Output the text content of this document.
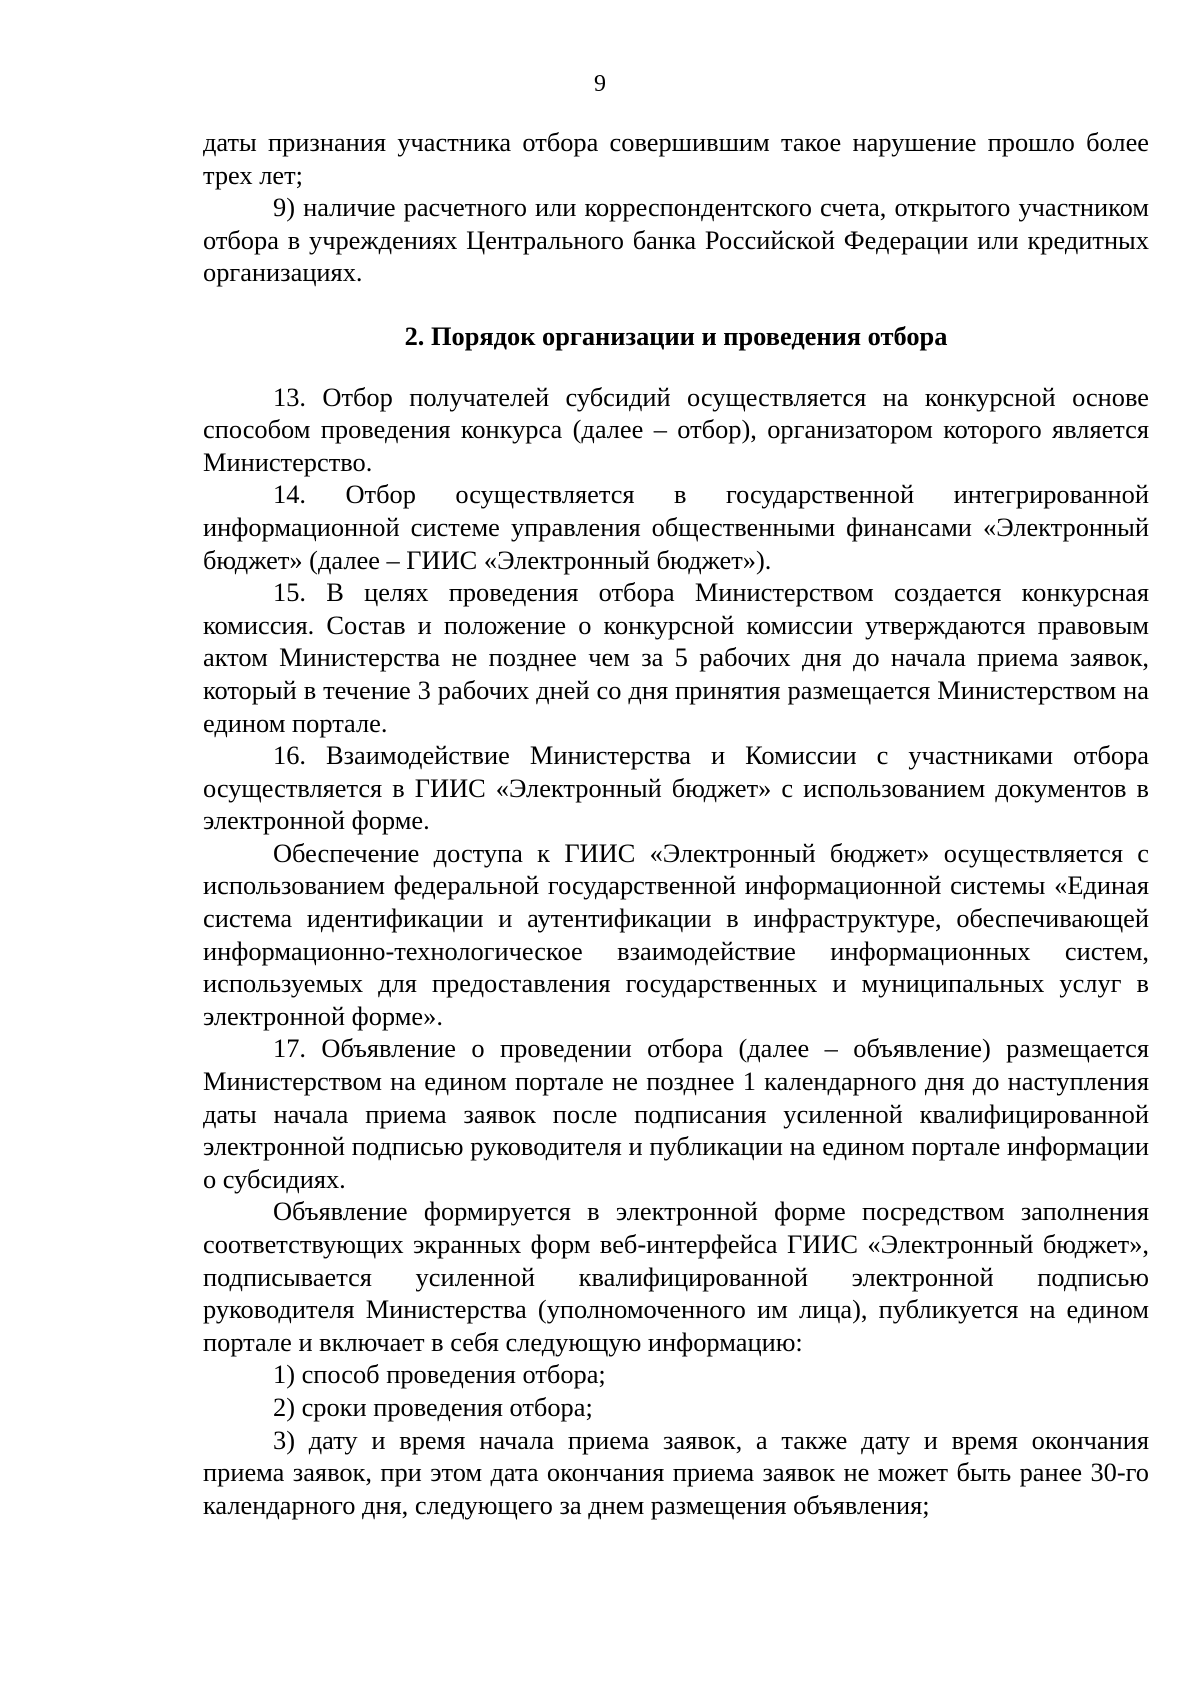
9

даты признания участника отбора совершившим такое нарушение прошло более трех лет;

9) наличие расчетного или корреспондентского счета, открытого участником отбора в учреждениях Центрального банка Российской Федерации или кредитных организациях.

2. Порядок организации и проведения отбора

13. Отбор получателей субсидий осуществляется на конкурсной основе способом проведения конкурса (далее – отбор), организатором которого является Министерство.

14. Отбор осуществляется в государственной интегрированной информационной системе управления общественными финансами «Электронный бюджет» (далее – ГИИС «Электронный бюджет»).

15. В целях проведения отбора Министерством создается конкурсная комиссия. Состав и положение о конкурсной комиссии утверждаются правовым актом Министерства не позднее чем за 5 рабочих дня до начала приема заявок, который в течение 3 рабочих дней со дня принятия размещается Министерством на едином портале.

16. Взаимодействие Министерства и Комиссии с участниками отбора осуществляется в ГИИС «Электронный бюджет» с использованием документов в электронной форме.

Обеспечение доступа к ГИИС «Электронный бюджет» осуществляется с использованием федеральной государственной информационной системы «Единая система идентификации и аутентификации в инфраструктуре, обеспечивающей информационно-технологическое взаимодействие информационных систем, используемых для предоставления государственных и муниципальных услуг в электронной форме».

17. Объявление о проведении отбора (далее – объявление) размещается Министерством на едином портале не позднее 1 календарного дня до наступления даты начала приема заявок после подписания усиленной квалифицированной электронной подписью руководителя и публикации на едином портале информации о субсидиях.

Объявление формируется в электронной форме посредством заполнения соответствующих экранных форм веб-интерфейса ГИИС «Электронный бюджет», подписывается усиленной квалифицированной электронной подписью руководителя Министерства (уполномоченного им лица), публикуется на едином портале и включает в себя следующую информацию:

1) способ проведения отбора;

2) сроки проведения отбора;

3) дату и время начала приема заявок, а также дату и время окончания приема заявок, при этом дата окончания приема заявок не может быть ранее 30-го календарного дня, следующего за днем размещения объявления;
